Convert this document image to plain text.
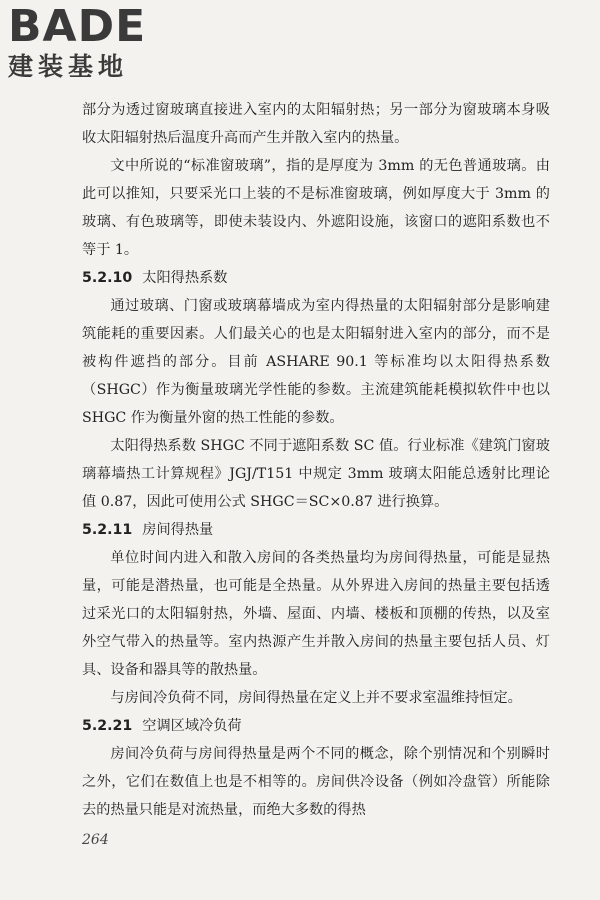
BADE
建装基地

部分为透过窗玻璃直接进入室内的太阳辐射热；另一部分为窗玻璃本身吸收太阳辐射热后温度升高而产生并散入室内的热量。

文中所说的“标准窗玻璃”，指的是厚度为 3mm 的无色普通玻璃。由此可以推知，只要采光口上装的不是标准窗玻璃，例如厚度大于 3mm 的玻璃、有色玻璃等，即使未装设内、外遮阳设施，该窗口的遮阳系数也不等于 1。

5.2.10 太阳得热系数

通过玻璃、门窗或玻璃幕墙成为室内得热量的太阳辐射部分是影响建筑能耗的重要因素。人们最关心的也是太阳辐射进入室内的部分，而不是被构件遮挡的部分。目前 ASHARE 90.1 等标准均以太阳得热系数（SHGC）作为衡量玻璃光学性能的参数。主流建筑能耗模拟软件中也以 SHGC 作为衡量外窗的热工性能的参数。

太阳得热系数 SHGC 不同于遮阳系数 SC 值。行业标准《建筑门窗玻璃幕墙热工计算规程》JGJ/T151 中规定 3mm 玻璃太阳能总透射比理论值 0.87，因此可使用公式 SHGC＝SC×0.87 进行换算。

5.2.11 房间得热量

单位时间内进入和散入房间的各类热量均为房间得热量，可能是显热量，可能是潜热量，也可能是全热量。从外界进入房间的热量主要包括透过采光口的太阳辐射热，外墙、屋面、内墙、楼板和顶棚的传热，以及室外空气带入的热量等。室内热源产生并散入房间的热量主要包括人员、灯具、设备和器具等的散热量。

与房间冷负荷不同，房间得热量在定义上并不要求室温维持恒定。

5.2.21 空调区域冷负荷

房间冷负荷与房间得热量是两个不同的概念，除个别情况和个别瞬时之外，它们在数值上也是不相等的。房间供冷设备（例如冷盘管）所能除去的热量只能是对流热量，而绝大多数的得热

264
